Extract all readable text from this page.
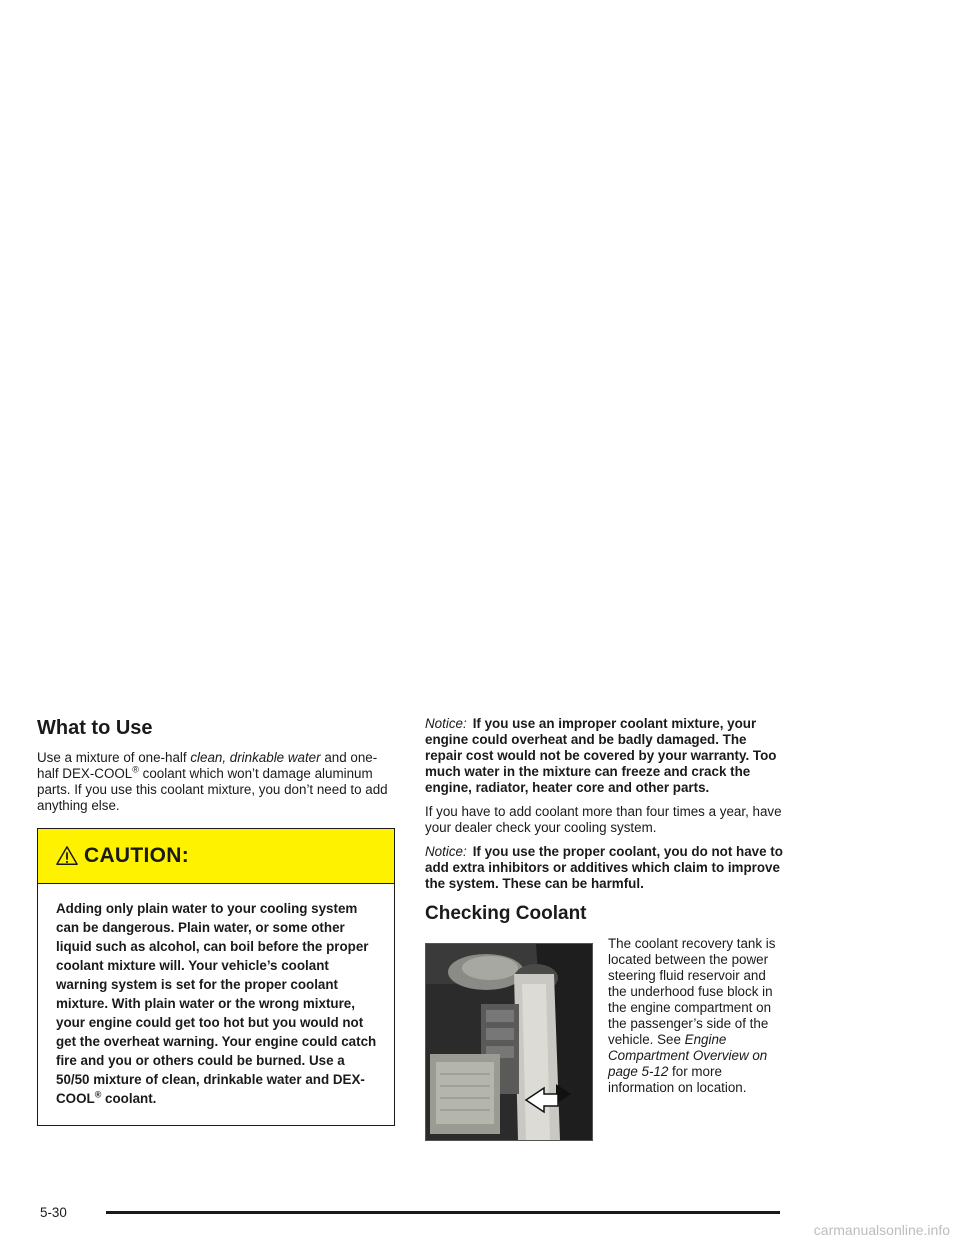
What to Use

Use a mixture of one-half clean, drinkable water and one-half DEX-COOL® coolant which won’t damage aluminum parts. If you use this coolant mixture, you don’t need to add anything else.

CAUTION:
Adding only plain water to your cooling system can be dangerous. Plain water, or some other liquid such as alcohol, can boil before the proper coolant mixture will. Your vehicle’s coolant warning system is set for the proper coolant mixture. With plain water or the wrong mixture, your engine could get too hot but you would not get the overheat warning. Your engine could catch fire and you or others could be burned. Use a 50/50 mixture of clean, drinkable water and DEX-COOL® coolant.

Notice: If you use an improper coolant mixture, your engine could overheat and be badly damaged. The repair cost would not be covered by your warranty. Too much water in the mixture can freeze and crack the engine, radiator, heater core and other parts.

If you have to add coolant more than four times a year, have your dealer check your cooling system.

Notice: If you use the proper coolant, you do not have to add extra inhibitors or additives which claim to improve the system. These can be harmful.

Checking Coolant
The coolant recovery tank is located between the power steering fluid reservoir and the underhood fuse block in the engine compartment on the passenger’s side of the vehicle. See Engine Compartment Overview on page 5-12 for more information on location.
5-30
carmanualsonline.info
